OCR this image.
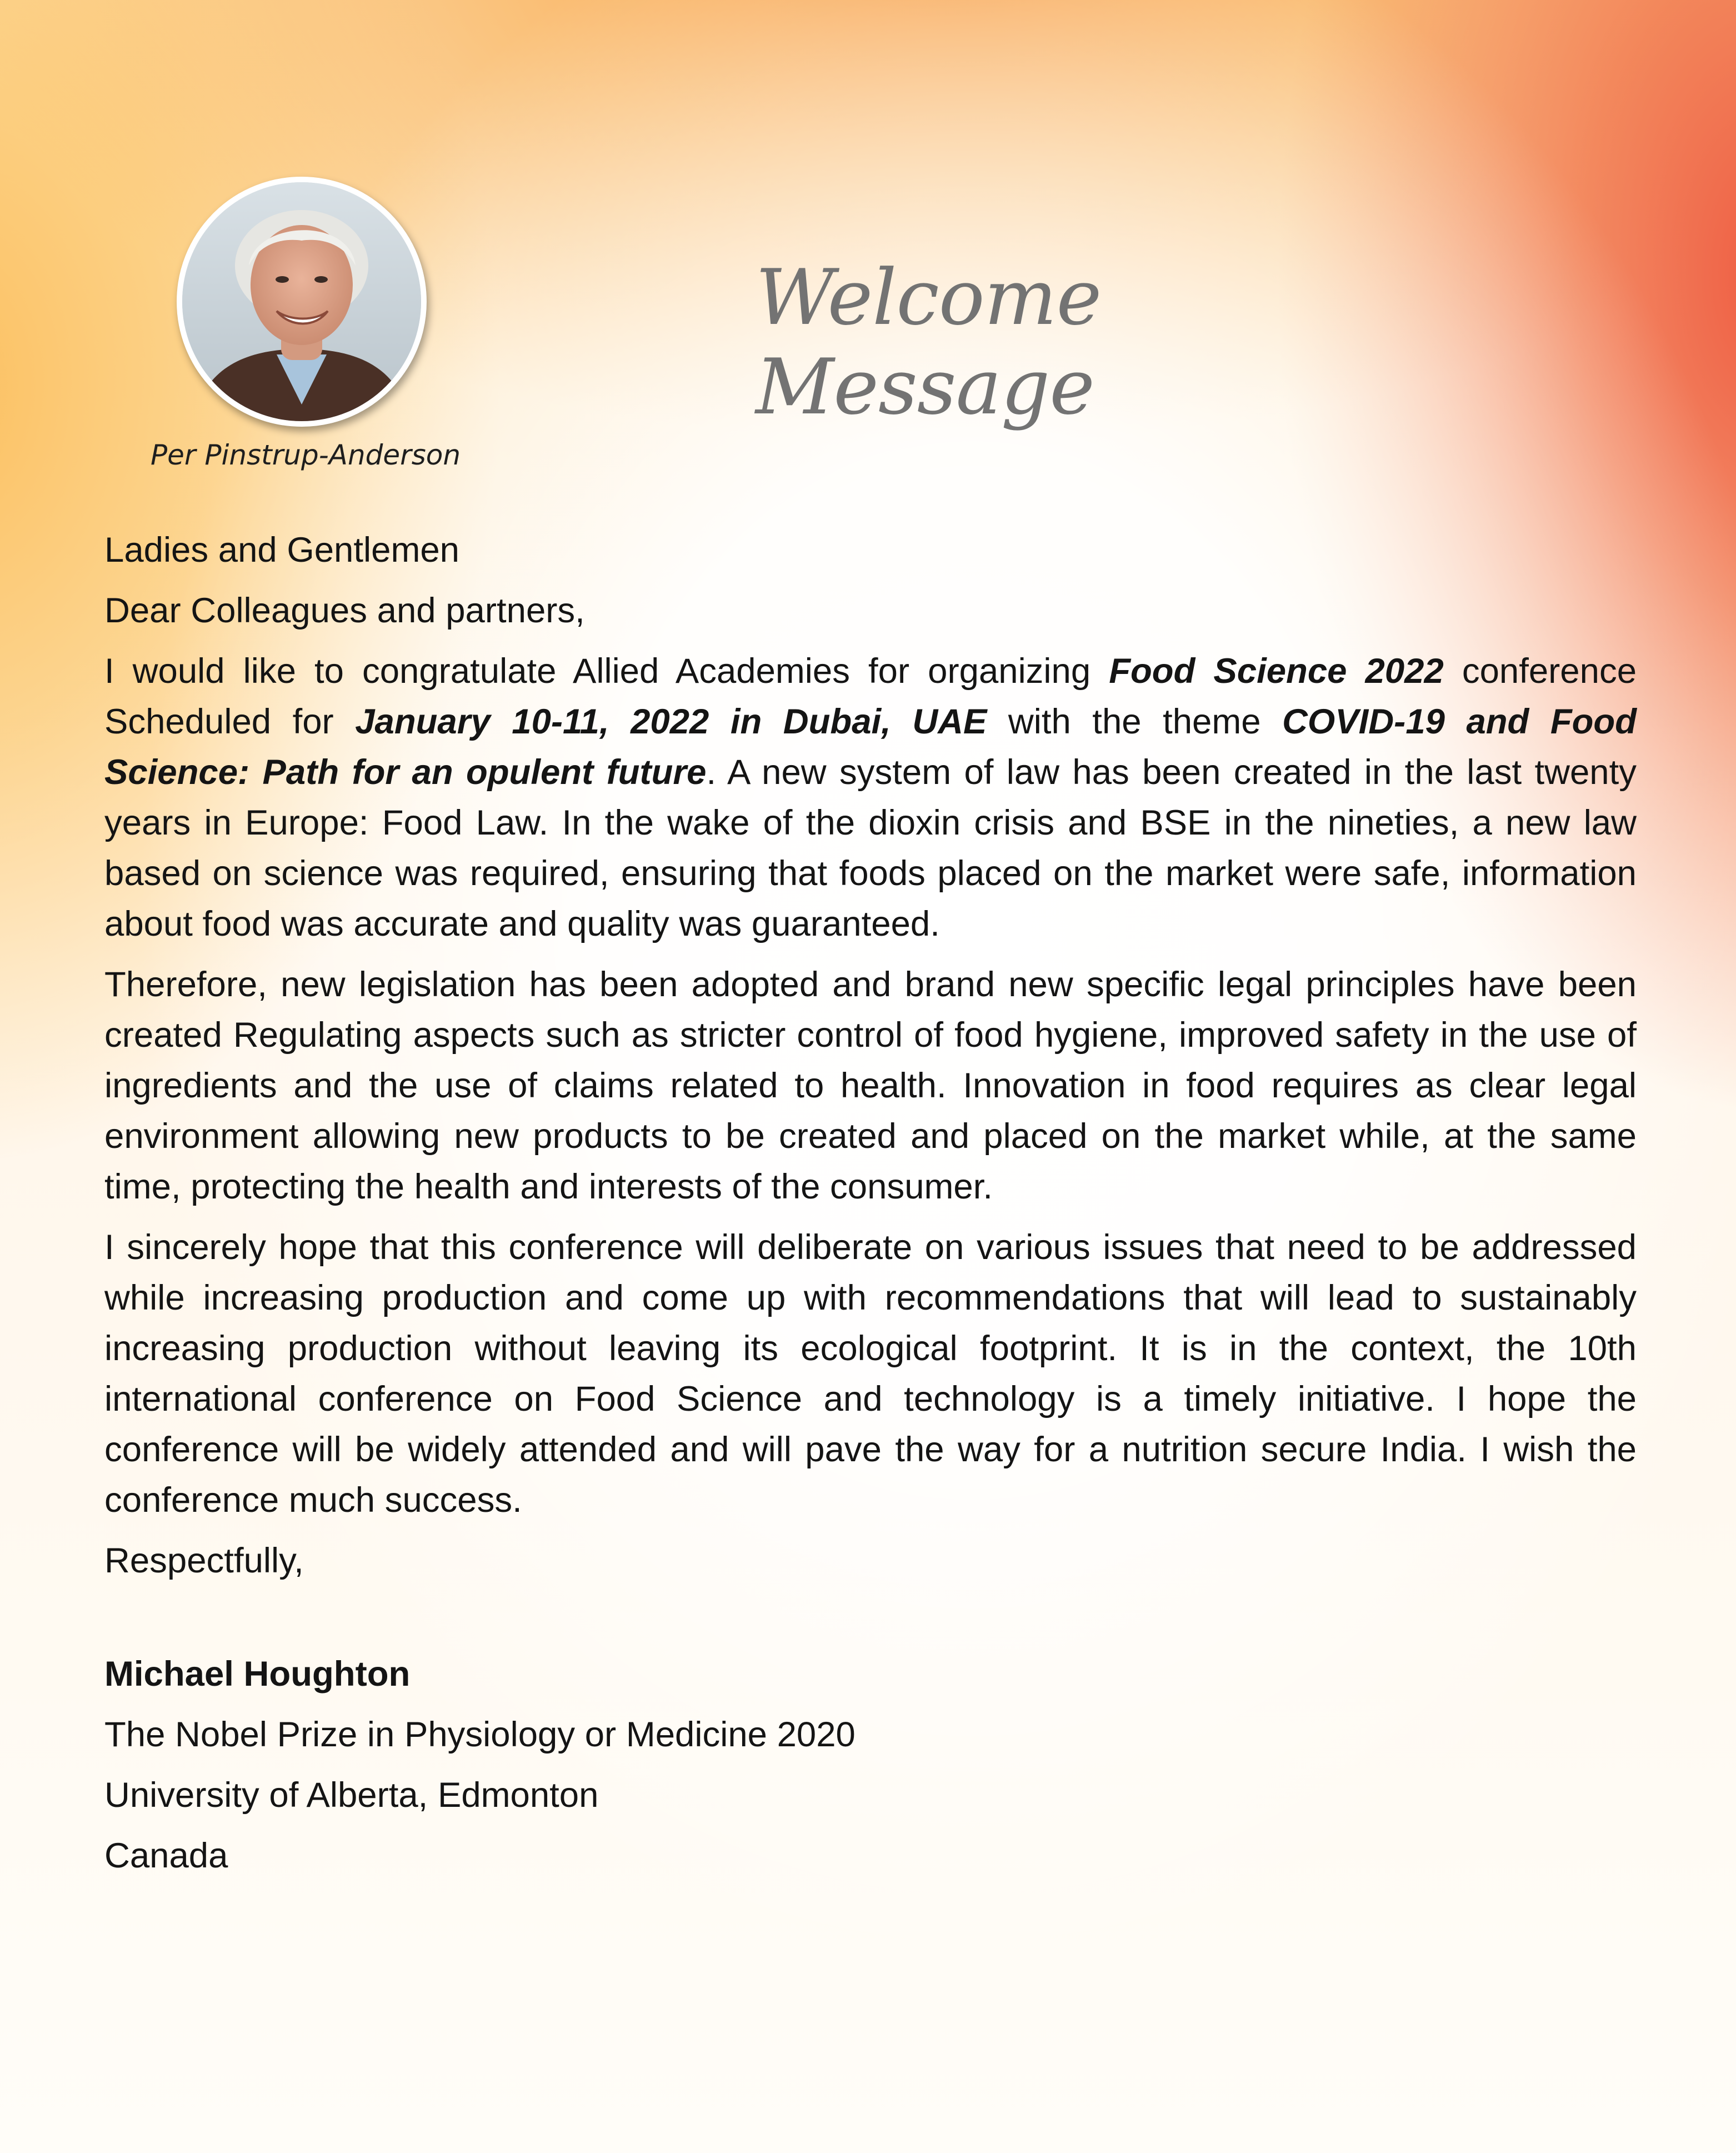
Per Pinstrup-Anderson
Welcome Message

Ladies and Gentlemen

Dear Colleagues and partners,

I would like to congratulate Allied Academies for organizing Food Science 2022 conference Scheduled for January 10-11, 2022 in Dubai, UAE with the theme COVID-19 and Food Science: Path for an opulent future. A new system of law has been created in the last twenty years in Europe: Food Law. In the wake of the dioxin crisis and BSE in the nineties, a new law based on science was required, ensuring that foods placed on the market were safe, information about food was accurate and quality was guaranteed.

Therefore, new legislation has been adopted and brand new specific legal principles have been created Regulating aspects such as stricter control of food hygiene, improved safety in the use of ingredients and the use of claims related to health. Innovation in food requires as clear legal environment allowing new products to be created and placed on the market while, at the same time, protecting the health and interests of the consumer.

I sincerely hope that this conference will deliberate on various issues that need to be addressed while increasing production and come up with recommendations that will lead to sustainably increasing production without leaving its ecological footprint. It is in the context, the 10th international conference on Food Science and technology is a timely initiative. I hope the conference will be widely attended and will pave the way for a nutrition secure India. I wish the conference much success.

Respectfully,

Michael Houghton

The Nobel Prize in Physiology or Medicine 2020

University of Alberta, Edmonton

Canada
